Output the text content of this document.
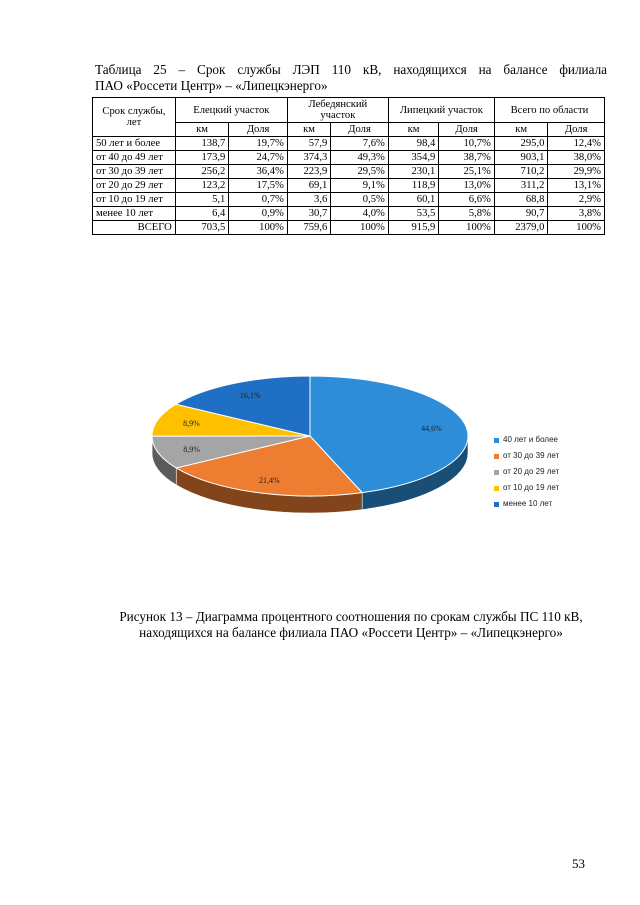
Таблица 25 – Срок службы ЛЭП 110 кВ, находящихся на балансе филиала
ПАО «Россети Центр» – «Липецкэнерго»
Срок службы, лет	Елецкий участок		Лебедянский участок		Липецкий участок		Всего по области	
	км	Доля	км	Доля	км	Доля	км	Доля
50 лет и более	138,7	19,7%	57,9	7,6%	98,4	10,7%	295,0	12,4%
от 40 до 49 лет	173,9	24,7%	374,3	49,3%	354,9	38,7%	903,1	38,0%
от 30 до 39 лет	256,2	36,4%	223,9	29,5%	230,1	25,1%	710,2	29,9%
от 20 до 29 лет	123,2	17,5%	69,1	9,1%	118,9	13,0%	311,2	13,1%
от 10 до 19 лет	5,1	0,7%	3,6	0,5%	60,1	6,6%	68,8	2,9%
менее 10 лет	6,4	0,9%	30,7	4,0%	53,5	5,8%	90,7	3,8%
ВСЕГО	703,5	100%	759,6	100%	915,9	100%	2379,0	100%
44,6%
21,4%
8,9%
8,9%
16,1%
40 лет и более
от 30 до 39 лет
от 20 до 29 лет
от 10 до 19 лет
менее 10 лет
Рисунок 13 – Диаграмма процентного соотношения по срокам службы ПС 110 кВ,
находящихся на балансе филиала ПАО «Россети Центр» – «Липецкэнерго»
53
